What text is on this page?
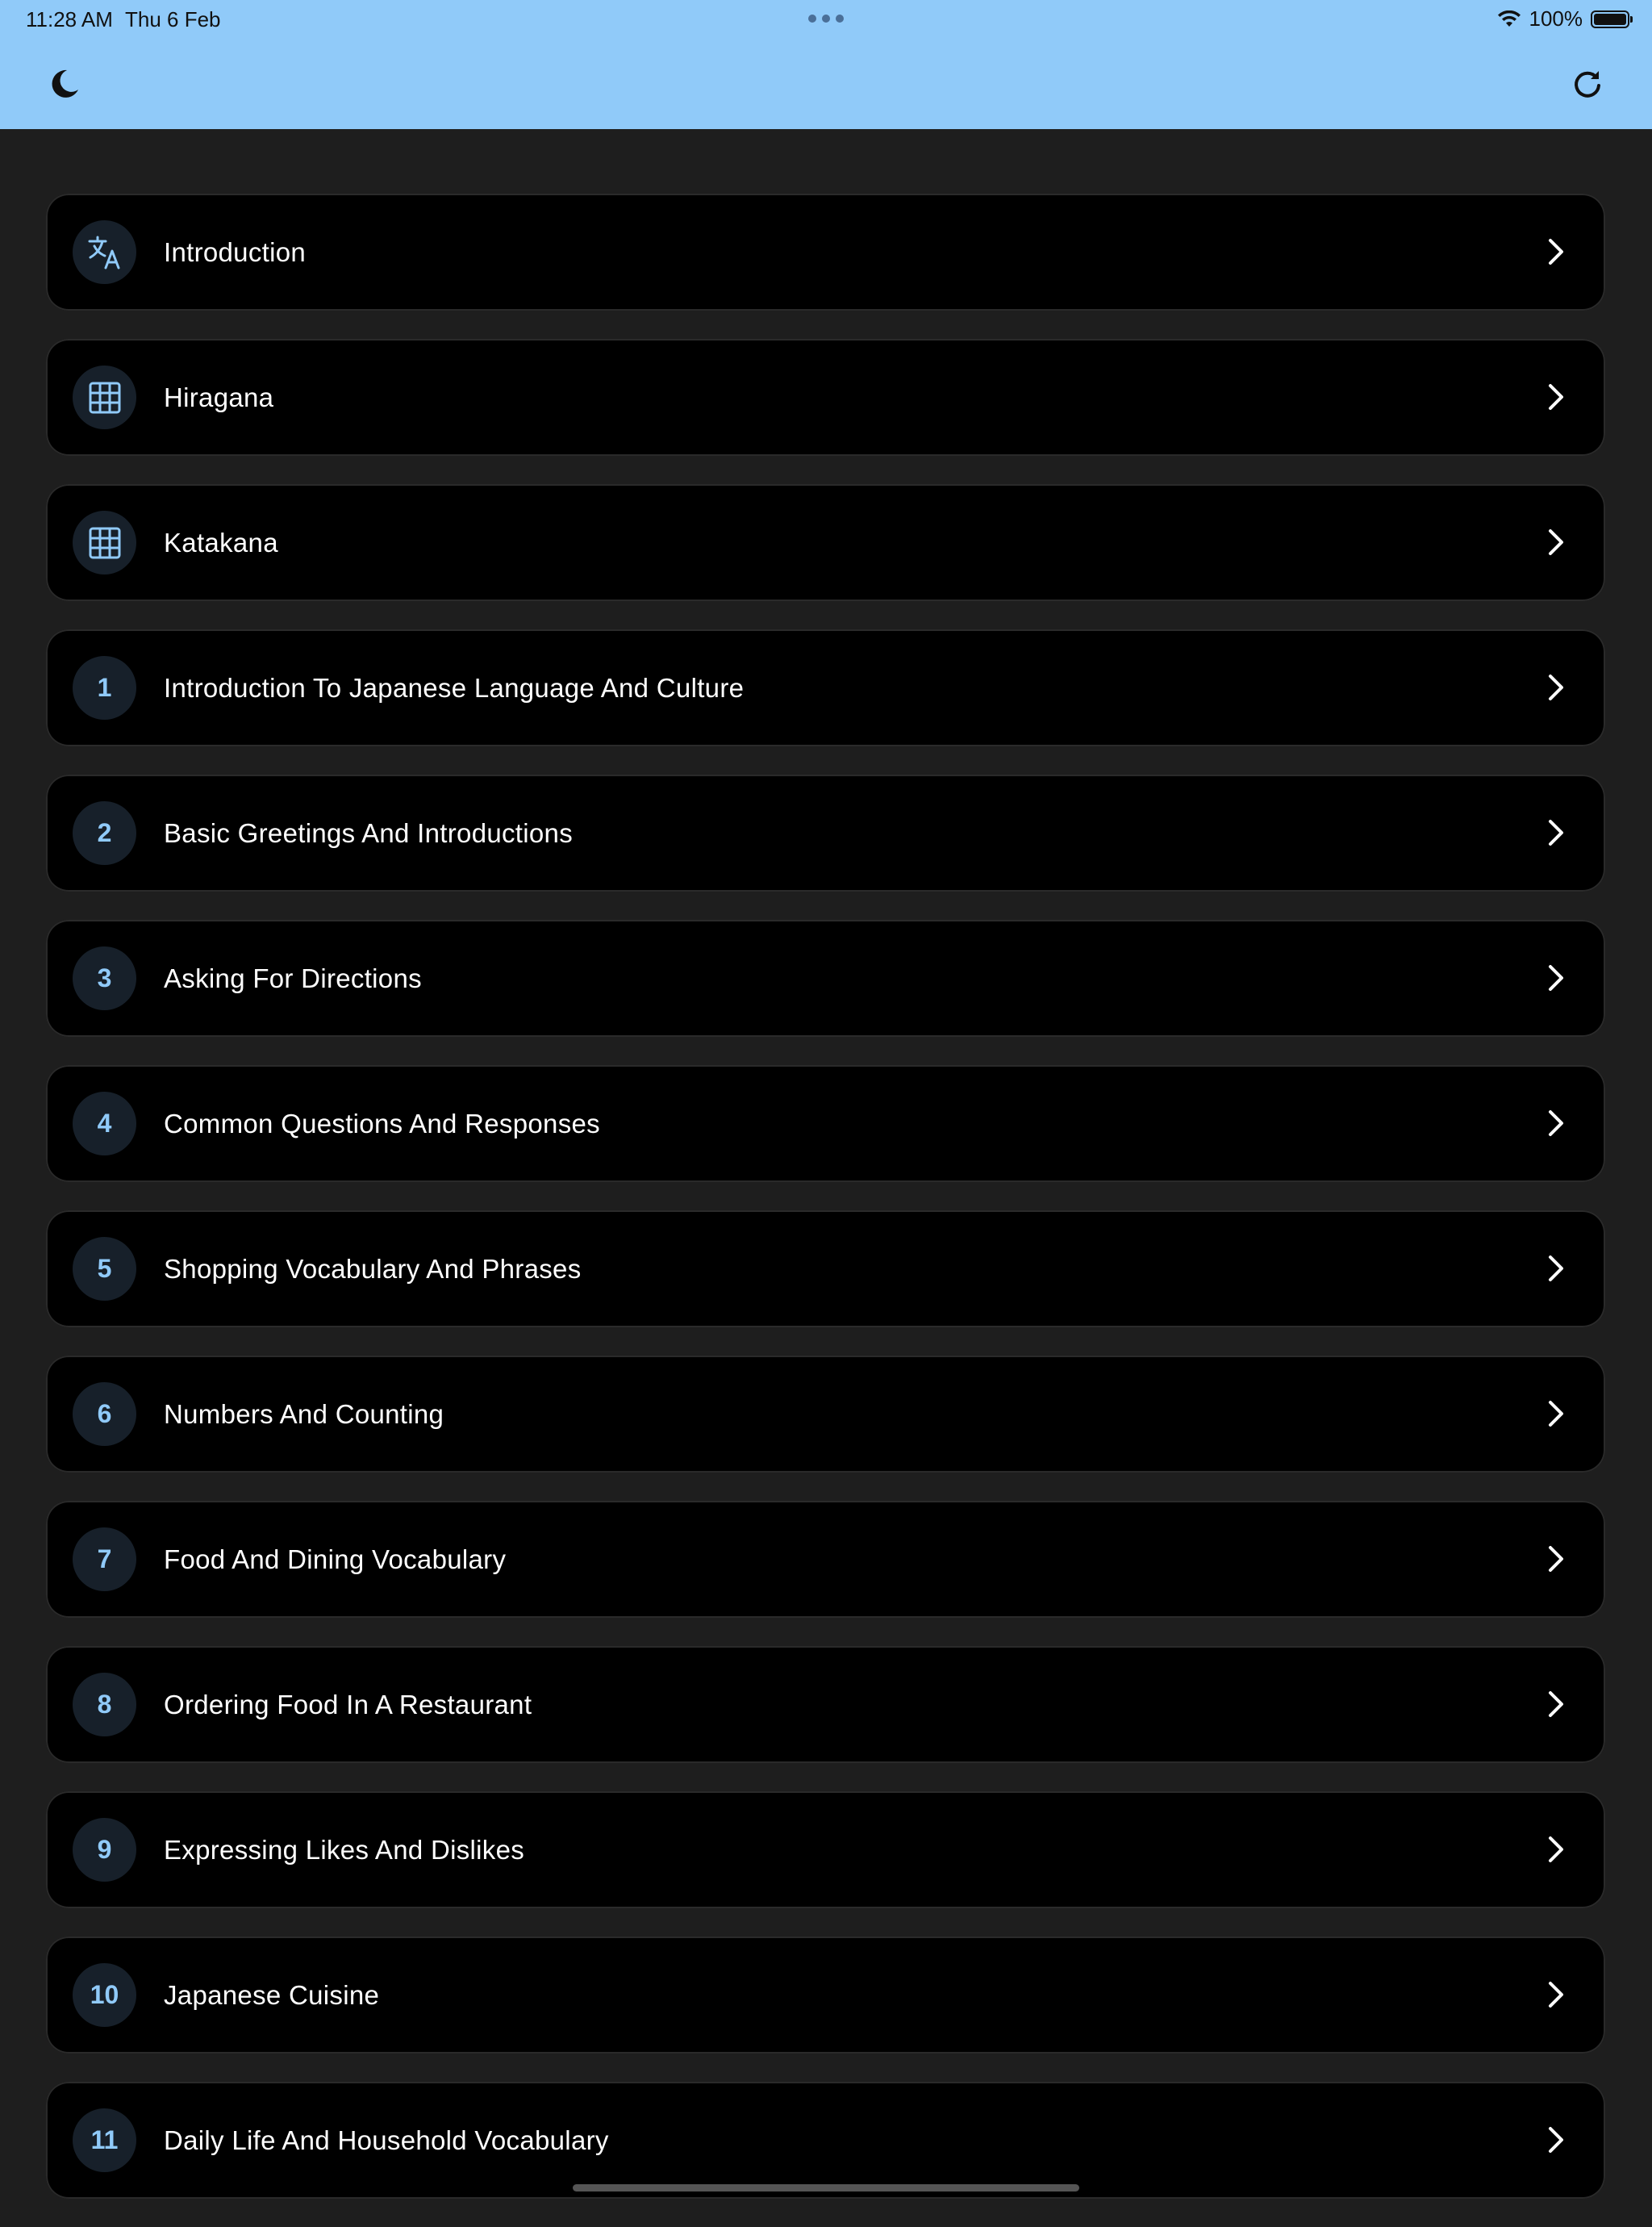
11:28 AM Thu 6 Feb	100%
Introduction
Hiragana
Katakana
1	Introduction To Japanese Language And Culture
2	Basic Greetings And Introductions
3	Asking For Directions
4	Common Questions And Responses
5	Shopping Vocabulary And Phrases
6	Numbers And Counting
7	Food And Dining Vocabulary
8	Ordering Food In A Restaurant
9	Expressing Likes And Dislikes
10	Japanese Cuisine
11	Daily Life And Household Vocabulary
